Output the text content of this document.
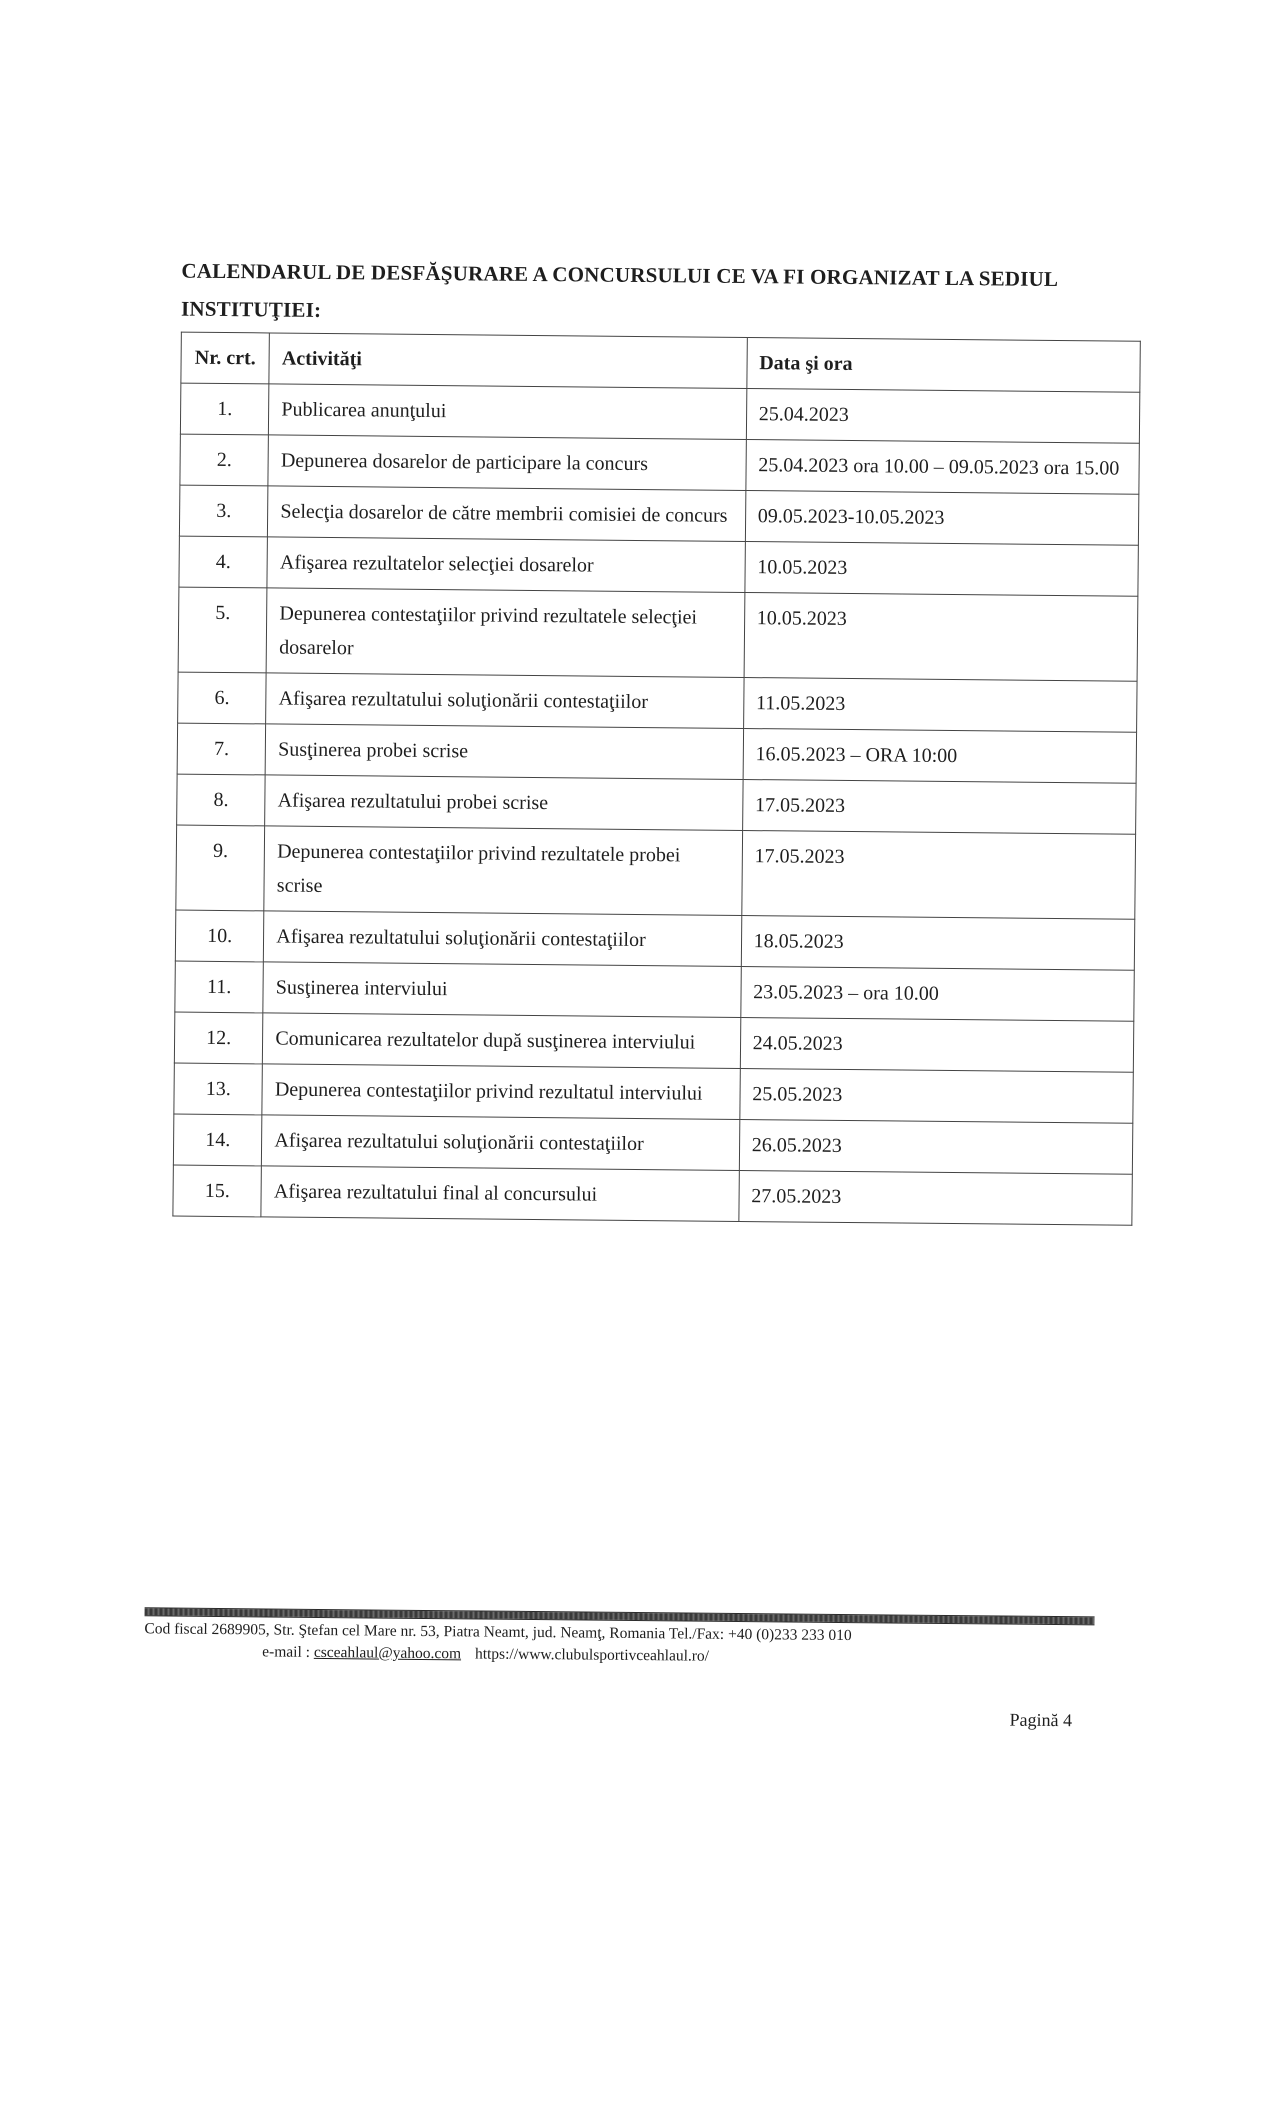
CALENDARUL DE DESFĂŞURARE A CONCURSULUI CE VA FI ORGANIZAT LA SEDIUL INSTITUŢIEI:
Nr. crt.	Activităţi	Data şi ora
1.	Publicarea anunţului	25.04.2023
2.	Depunerea dosarelor de participare la concurs	25.04.2023 ora 10.00 – 09.05.2023 ora 15.00
3.	Selecţia dosarelor de către membrii comisiei de concurs	09.05.2023-10.05.2023
4.	Afişarea rezultatelor selecţiei dosarelor	10.05.2023
5.	Depunerea contestaţiilor privind rezultatele selecţiei dosarelor	10.05.2023
6.	Afişarea rezultatului soluţionării contestaţiilor	11.05.2023
7.	Susţinerea probei scrise	16.05.2023 – ORA 10:00
8.	Afişarea rezultatului probei scrise	17.05.2023
9.	Depunerea contestaţiilor privind rezultatele probei scrise	17.05.2023
10.	Afişarea rezultatului soluţionării contestaţiilor	18.05.2023
11.	Susţinerea interviului	23.05.2023 – ora 10.00
12.	Comunicarea rezultatelor după susţinerea interviului	24.05.2023
13.	Depunerea contestaţiilor privind rezultatul interviului	25.05.2023
14.	Afişarea rezultatului soluţionării contestaţiilor	26.05.2023
15.	Afişarea rezultatului final al concursului	27.05.2023
Cod fiscal 2689905, Str. Ştefan cel Mare nr. 53, Piatra Neamt, jud. Neamţ, Romania Tel./Fax: +40 (0)233 233 010
e-mail : csceahlaul@yahoo.com https://www.clubulsportivceahlaul.ro/
Pagină 4
